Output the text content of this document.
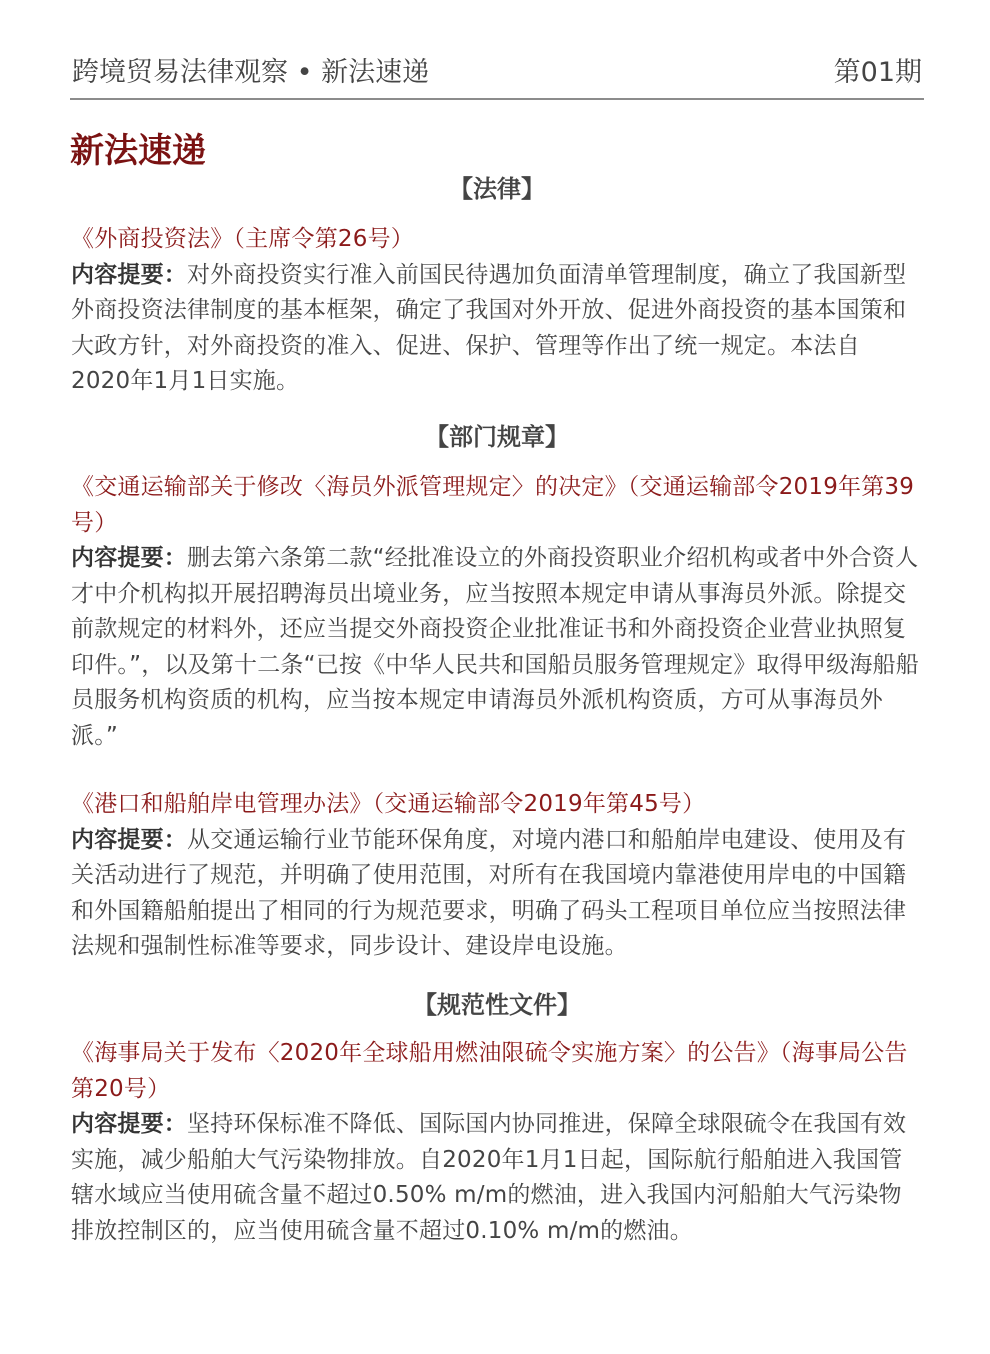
跨境贸易法律观察 • 新法速递	第01期
新法速递
【法律】

《外商投资法》（主席令第26号）

内容提要：对外商投资实行准入前国民待遇加负面清单管理制度，确立了我国新型外商投资法律制度的基本框架，确定了我国对外开放、促进外商投资的基本国策和大政方针，对外商投资的准入、促进、保护、管理等作出了统一规定。本法自2020年1月1日实施。

【部门规章】

《交通运输部关于修改〈海员外派管理规定〉的决定》（交通运输部令2019年第39号）

内容提要：删去第六条第二款“经批准设立的外商投资职业介绍机构或者中外合资人才中介机构拟开展招聘海员出境业务，应当按照本规定申请从事海员外派。除提交前款规定的材料外，还应当提交外商投资企业批准证书和外商投资企业营业执照复印件。”，以及第十二条“已按《中华人民共和国船员服务管理规定》取得甲级海船船员服务机构资质的机构，应当按本规定申请海员外派机构资质，方可从事海员外派。”

《港口和船舶岸电管理办法》（交通运输部令2019年第45号）

内容提要：从交通运输行业节能环保角度，对境内港口和船舶岸电建设、使用及有关活动进行了规范，并明确了使用范围，对所有在我国境内靠港使用岸电的中国籍和外国籍船舶提出了相同的行为规范要求，明确了码头工程项目单位应当按照法律法规和强制性标准等要求，同步设计、建设岸电设施。

【规范性文件】

《海事局关于发布〈2020年全球船用燃油限硫令实施方案〉的公告》（海事局公告第20号）

内容提要：坚持环保标准不降低、国际国内协同推进，保障全球限硫令在我国有效实施，减少船舶大气污染物排放。自2020年1月1日起，国际航行船舶进入我国管辖水域应当使用硫含量不超过0.50% m/m的燃油，进入我国内河船舶大气污染物排放控制区的，应当使用硫含量不超过0.10% m/m的燃油。
